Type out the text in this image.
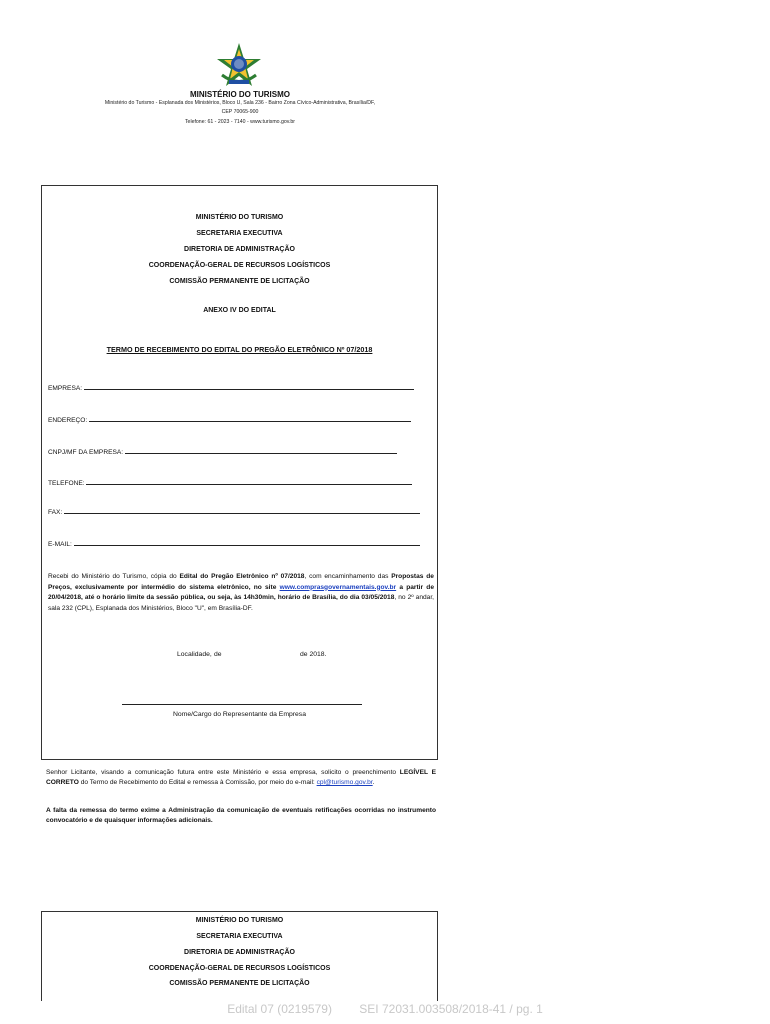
MINISTÉRIO DO TURISMO
Ministério do Turismo - Esplanada dos Ministérios, Bloco U, Sala 236 - Bairro Zona Cívico-Administrativa, Brasília/DF,
CEP 70065-900
Telefone: 61 - 2023 - 7140 - www.turismo.gov.br
MINISTÉRIO DO TURISMO
SECRETARIA EXECUTIVA
DIRETORIA DE ADMINISTRAÇÃO
COORDENAÇÃO-GERAL DE RECURSOS LOGÍSTICOS
COMISSÃO PERMANENTE DE LICITAÇÃO
ANEXO IV DO EDITAL
TERMO DE RECEBIMENTO DO EDITAL DO PREGÃO ELETRÔNICO Nº 07/2018
EMPRESA:
ENDEREÇO:
CNPJ/MF DA EMPRESA:
TELEFONE:
FAX:
E-MAIL:
Recebi do Ministério do Turismo, cópia do Edital do Pregão Eletrônico nº 07/2018, com encaminhamento das Propostas de Preços, exclusivamente por intermédio do sistema eletrônico, no site www.comprasgovernamentais.gov.br a partir de 20/04/2018, até o horário limite da sessão pública, ou seja, às 14h30min, horário de Brasília, do dia 03/05/2018, no 2º andar, sala 232 (CPL), Esplanada dos Ministérios, Bloco "U", em Brasília-DF.
Localidade, de	de 2018.
Nome/Cargo do Representante da Empresa
Senhor Licitante, visando a comunicação futura entre este Ministério e essa empresa, solicito o preenchimento LEGÍVEL E CORRETO do Termo de Recebimento do Edital e remessa à Comissão, por meio do e-mail: cpl@turismo.gov.br.
A falta da remessa do termo exime a Administração da comunicação de eventuais retificações ocorridas no instrumento convocatório e de quaisquer informações adicionais.
MINISTÉRIO DO TURISMO
SECRETARIA EXECUTIVA
DIRETORIA DE ADMINISTRAÇÃO
COORDENAÇÃO-GERAL DE RECURSOS LOGÍSTICOS
COMISSÃO PERMANENTE DE LICITAÇÃO
Edital 07 (0219579) SEI 72031.003508/2018-41 / pg. 1
